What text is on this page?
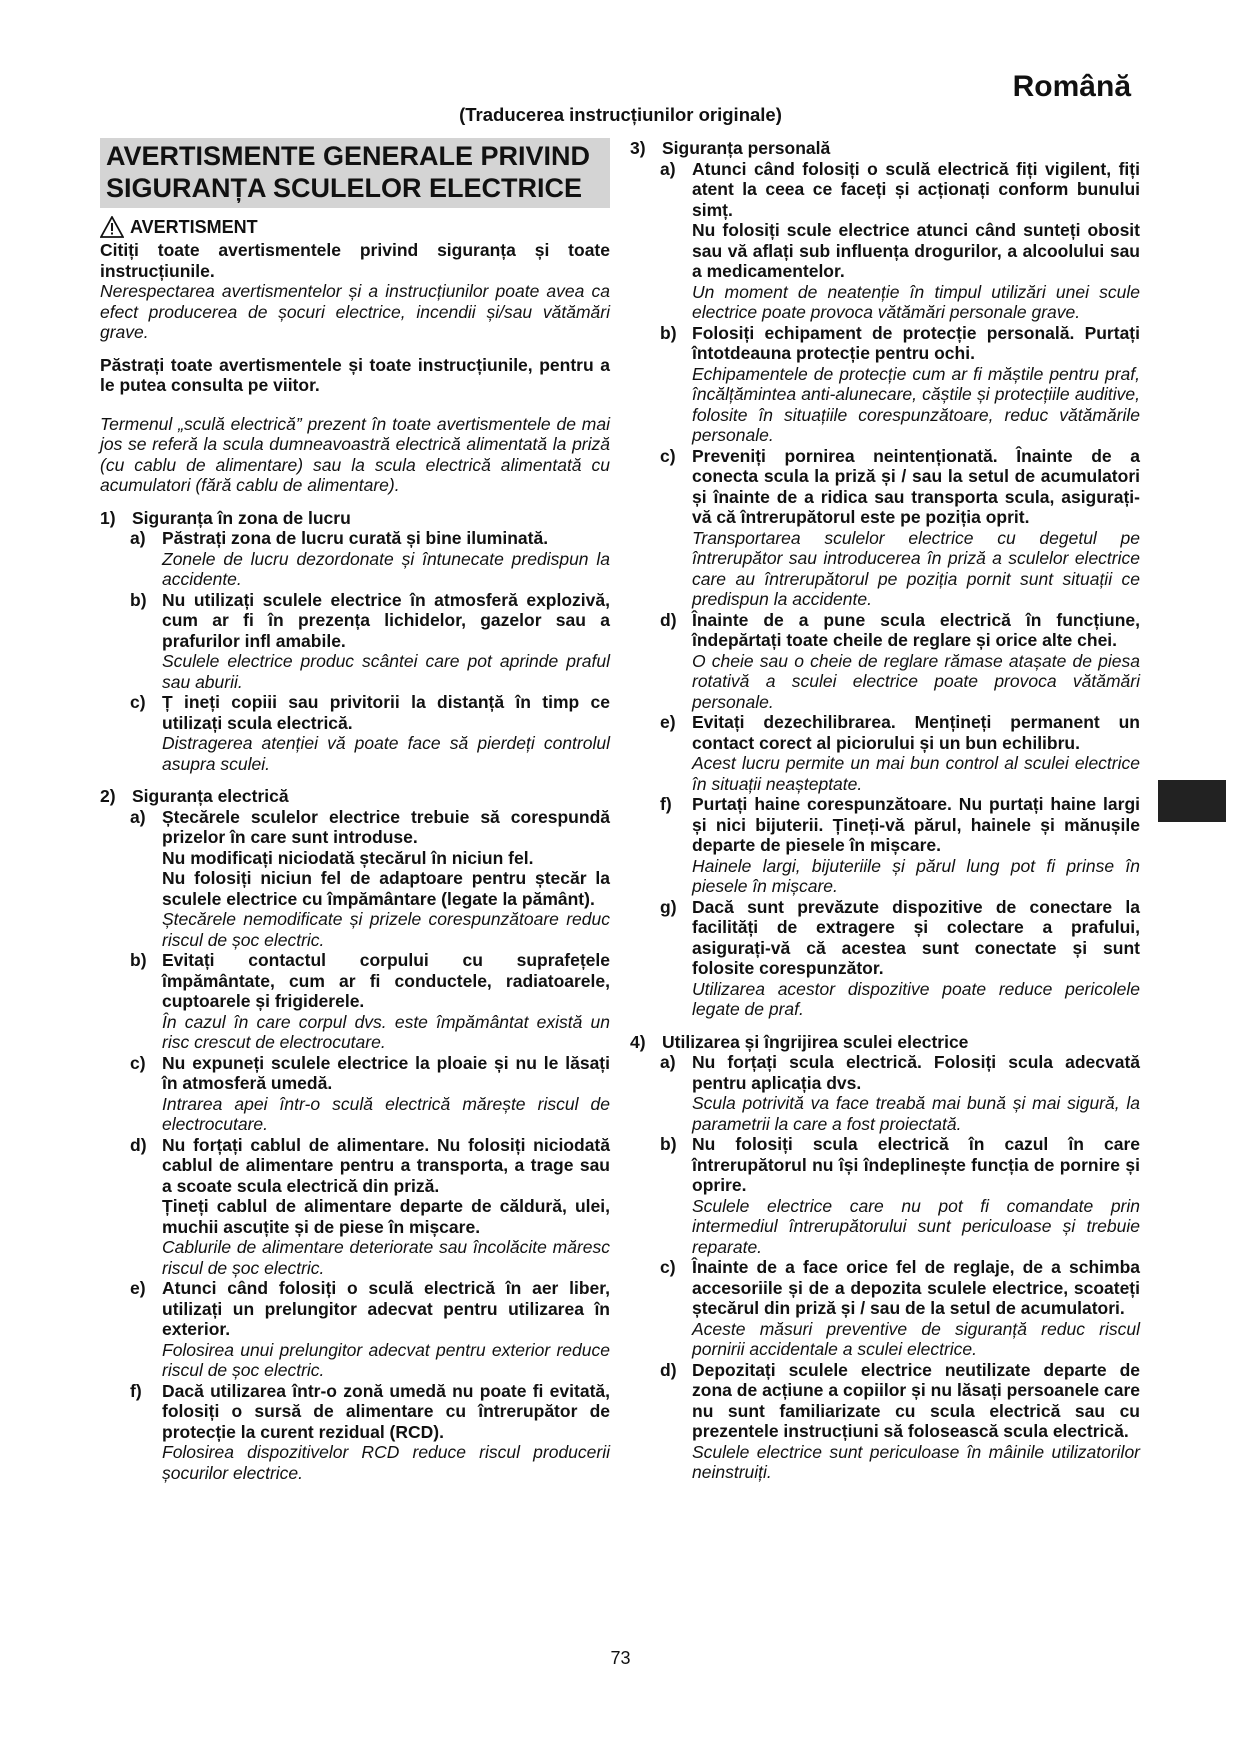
Română
(Traducerea instrucțiunilor originale)
AVERTISMENTE GENERALE PRIVIND
SIGURANȚA SCULELOR ELECTRICE
AVERTISMENT

Citiți toate avertismentele privind siguranța și toate instrucțiunile.

Nerespectarea avertismentelor și a instrucțiunilor poate avea ca efect producerea de șocuri electrice, incendii și/sau vătămări grave.

Păstrați toate avertismentele și toate instrucțiunile, pentru a le putea consulta pe viitor.

Termenul „sculă electrică” prezent în toate avertismentele de mai jos se referă la scula dumneavoastră electrică alimentată la priză (cu cablu de alimentare) sau la scula electrică alimentată cu acumulatori (fără cablu de alimentare).

1) Siguranța în zona de lucru
a) Păstrați zona de lucru curată și bine iluminată.

Zonele de lucru dezordonate și întunecate predispun la accidente.

b) Nu utilizați sculele electrice în atmosferă explozivă, cum ar fi în prezența lichidelor, gazelor sau a prafurilor infl amabile.

Sculele electrice produc scântei care pot aprinde praful sau aburii.

c) Ț ineți copiii sau privitorii la distanță în timp ce utilizați scula electrică.

Distragerea atenției vă poate face să pierdeți controlul asupra sculei.

2) Siguranța electrică
a) Ștecărele sculelor electrice trebuie să corespundă prizelor în care sunt introduse.

Nu modificați niciodată ștecărul în niciun fel.

Nu folosiți niciun fel de adaptoare pentru ștecăr la sculele electrice cu împământare (legate la pământ).

Ștecărele nemodificate și prizele corespunzătoare reduc riscul de șoc electric.

b) Evitați contactul corpului cu suprafețele împământate, cum ar fi conductele, radiatoarele, cuptoarele și frigiderele.

În cazul în care corpul dvs. este împământat există un risc crescut de electrocutare.

c) Nu expuneți sculele electrice la ploaie și nu le lăsați în atmosferă umedă.

Intrarea apei într-o sculă electrică mărește riscul de electrocutare.

d) Nu forțați cablul de alimentare. Nu folosiți niciodată cablul de alimentare pentru a transporta, a trage sau a scoate scula electrică din priză.

Țineți cablul de alimentare departe de căldură, ulei, muchii ascuțite și de piese în mișcare.

Cablurile de alimentare deteriorate sau încolăcite măresc riscul de șoc electric.

e) Atunci când folosiți o sculă electrică în aer liber, utilizați un prelungitor adecvat pentru utilizarea în exterior.

Folosirea unui prelungitor adecvat pentru exterior reduce riscul de șoc electric.

f)	Dacă utilizarea într-o zonă umedă nu poate fi evitată, folosiți o sursă de alimentare cu întrerupător de protecție la curent rezidual (RCD).

Folosirea dispozitivelor RCD reduce riscul producerii șocurilor electrice.

3) Siguranța personală
a) Atunci când folosiți o sculă electrică fiți vigilent, fiți atent la ceea ce faceți și acționați conform bunului simț.

Nu folosiți scule electrice atunci când sunteți obosit sau vă aflați sub influența drogurilor, a alcoolului sau a medicamentelor.

Un moment de neatenție în timpul utilizări unei scule electrice poate provoca vătămări personale grave.

b) Folosiți echipament de protecție personală. Purtați întotdeauna protecție pentru ochi.

Echipamentele de protecție cum ar fi măștile pentru praf, încălțămintea anti-alunecare, căștile și protecțiile auditive, folosite în situațiile corespunzătoare, reduc vătămările personale.

c) Preveniți pornirea neintenționată. Înainte de a conecta scula la priză și / sau la setul de acumulatori și înainte de a ridica sau transporta scula, asigurați-vă că întrerupătorul este pe poziția oprit.

Transportarea sculelor electrice cu degetul pe întrerupător sau introducerea în priză a sculelor electrice care au întrerupătorul pe poziția pornit sunt situații ce predispun la accidente.

d) Înainte de a pune scula electrică în funcțiune, îndepărtați toate cheile de reglare și orice alte chei.

O cheie sau o cheie de reglare rămase atașate de piesa rotativă a sculei electrice poate provoca vătămări personale.

e) Evitați dezechilibrarea. Mențineți permanent un contact corect al piciorului și un bun echilibru.

Acest lucru permite un mai bun control al sculei electrice în situații neașteptate.

f)	Purtați haine corespunzătoare. Nu purtați haine largi și nici bijuterii. Țineți-vă părul, hainele și mănușile departe de piesele în mișcare.

Hainele largi, bijuteriile și părul lung pot fi prinse în piesele în mișcare.

g) Dacă sunt prevăzute dispozitive de conectare la facilități de extragere și colectare a prafului, asigurați-vă că acestea sunt conectate și sunt folosite corespunzător.

Utilizarea acestor dispozitive poate reduce pericolele legate de praf.

4) Utilizarea și îngrijirea sculei electrice
a) Nu forțați scula electrică. Folosiți scula adecvată pentru aplicația dvs.

Scula potrivită va face treabă mai bună și mai sigură, la parametrii la care a fost proiectată.

b) Nu folosiți scula electrică în cazul în care întrerupătorul nu își îndeplinește funcția de pornire și oprire.

Sculele electrice care nu pot fi comandate prin intermediul întrerupătorului sunt periculoase și trebuie reparate.

c) Înainte de a face orice fel de reglaje, de a schimba accesoriile și de a depozita sculele electrice, scoateți ștecărul din priză și / sau de la setul de acumulatori.

Aceste măsuri preventive de siguranță reduc riscul pornirii accidentale a sculei electrice.

d) Depozitați sculele electrice neutilizate departe de zona de acțiune a copiilor și nu lăsați persoanele care nu sunt familiarizate cu scula electrică sau cu prezentele instrucțiuni să folosească scula electrică.

Sculele electrice sunt periculoase în mâinile utilizatorilor neinstruiți.

73
